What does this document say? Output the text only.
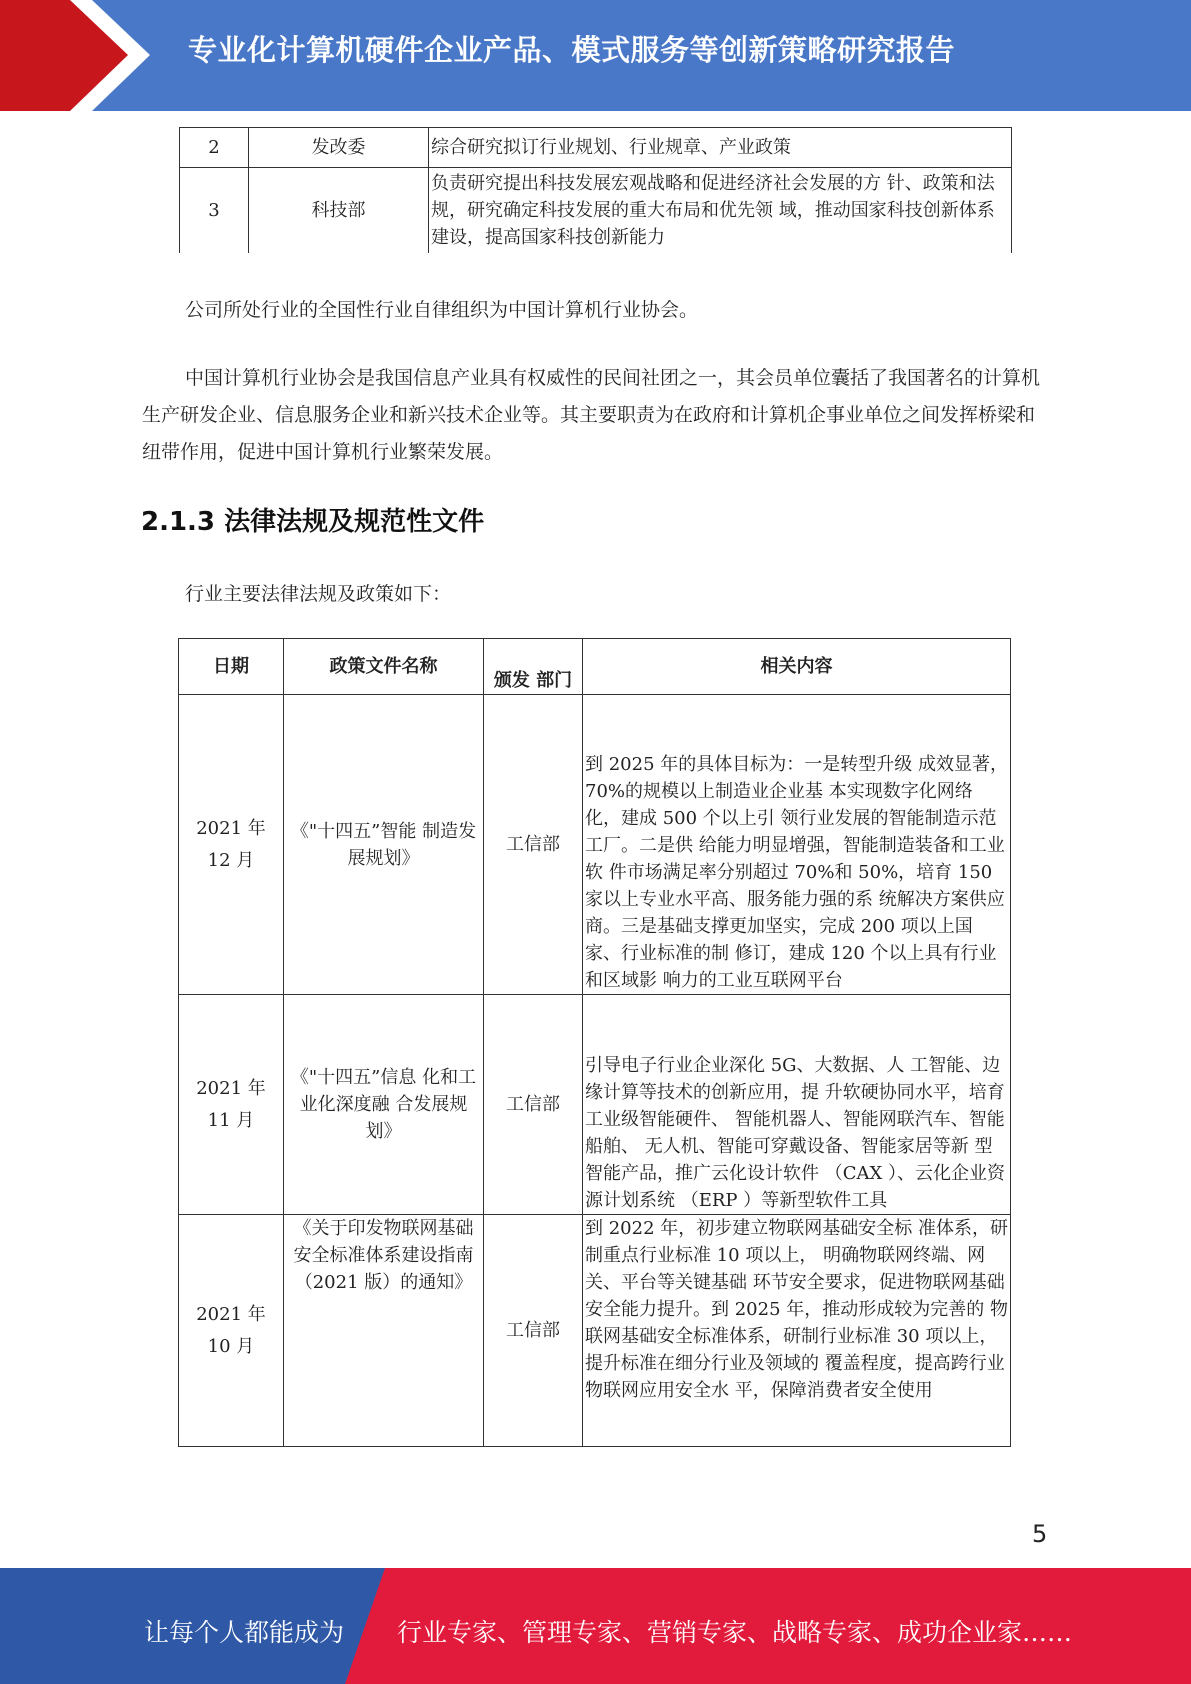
专业化计算机硬件企业产品、模式服务等创新策略研究报告
2	发改委	综合研究拟订行业规划、行业规章、产业政策
3	科技部	负责研究提出科技发展宏观战略和促进经济社会发展的方 针、政策和法规，研究确定科技发展的重大布局和优先领 域，推动国家科技创新体系建设，提高国家科技创新能力
公司所处行业的全国性行业自律组织为中国计算机行业协会。
中国计算机行业协会是我国信息产业具有权威性的民间社团之一，其会员单位囊括了我国著名的计算机生产研发企业、信息服务企业和新兴技术企业等。其主要职责为在政府和计算机企事业单位之间发挥桥梁和纽带作用，促进中国计算机行业繁荣发展。
2.1.3 法律法规及规范性文件
行业主要法律法规及政策如下：
日期	政策文件名称	颁发 部门	相关内容

2021 年
12 月	《"十四五”智能 制造发展规划》	工信部	到 2025 年的具体目标为：一是转型升级 成效显著，70%的规模以上制造业企业基 本实现数字化网络化，建成 500 个以上引 领行业发展的智能制造示范工厂。二是供 给能力明显增强，智能制造装备和工业软 件市场满足率分别超过 70%和 50%，培育 150 家以上专业水平高、服务能力强的系 统解决方案供应商。三是基础支撑更加坚实，完成 200 项以上国家、行业标准的制 修订，建成 120 个以上具有行业和区域影 响力的工业互联网平台

2021 年
11 月	《"十四五”信息 化和工业化深度融 合发展规划》	工信部	引导电子行业企业深化 5G、大数据、人 工智能、边缘计算等技术的创新应用，提 升软硬协同水平，培育工业级智能硬件、 智能机器人、智能网联汽车、智能船舶、 无人机、智能可穿戴设备、智能家居等新 型智能产品，推广云化设计软件 （CAX ）、云化企业资源计划系统 （ERP ）等新型软件工具

2021 年
10 月	《关于印发物联网基础安全标准体系建设指南（2021 版）的通知》	工信部	到 2022 年，初步建立物联网基础安全标 准体系，研制重点行业标准 10 项以上， 明确物联网终端、网关、平台等关键基础 环节安全要求，促进物联网基础安全能力提升。到 2025 年，推动形成较为完善的 物联网基础安全标准体系，研制行业标准 30 项以上，提升标准在细分行业及领域的 覆盖程度，提高跨行业物联网应用安全水 平，保障消费者安全使用
5
让每个人都能成为 行业专家、管理专家、营销专家、战略专家、成功企业家……
